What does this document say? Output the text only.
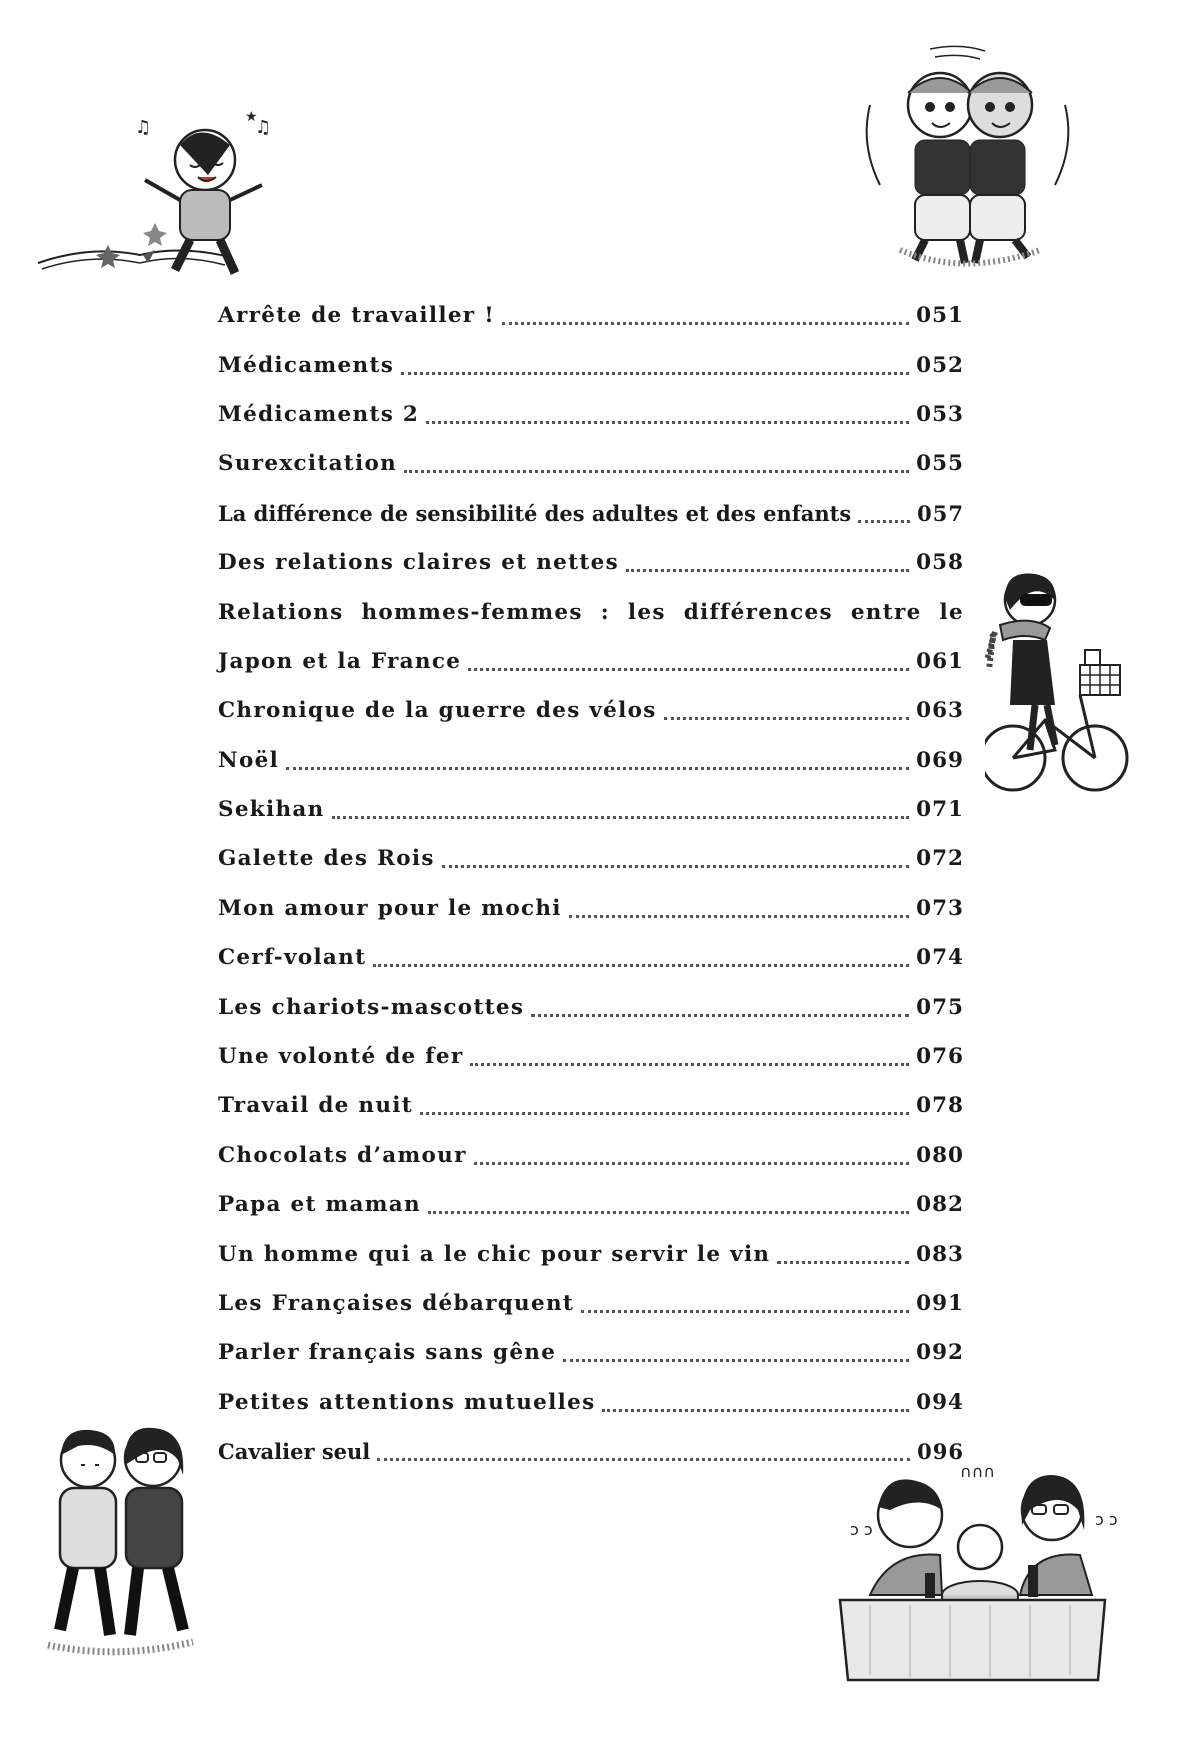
♫	♫
★
∩∩∩
ɔ ɔ
ɔ ɔ
Arrête de travailler !	051
Médicaments	052
Médicaments 2	053
Surexcitation	055
La différence de sensibilité des adultes et des enfants	057
Des relations claires et nettes	058
Relations hommes-femmes : les différences entre le
Japon et la France	061
Chronique de la guerre des vélos	063
Noël	069
Sekihan	071
Galette des Rois	072
Mon amour pour le mochi	073
Cerf-volant	074
Les chariots-mascottes	075
Une volonté de fer	076
Travail de nuit	078
Chocolats d’amour	080
Papa et maman	082
Un homme qui a le chic pour servir le vin	083
Les Françaises débarquent	091
Parler français sans gêne	092
Petites attentions mutuelles	094
Cavalier seul	096
